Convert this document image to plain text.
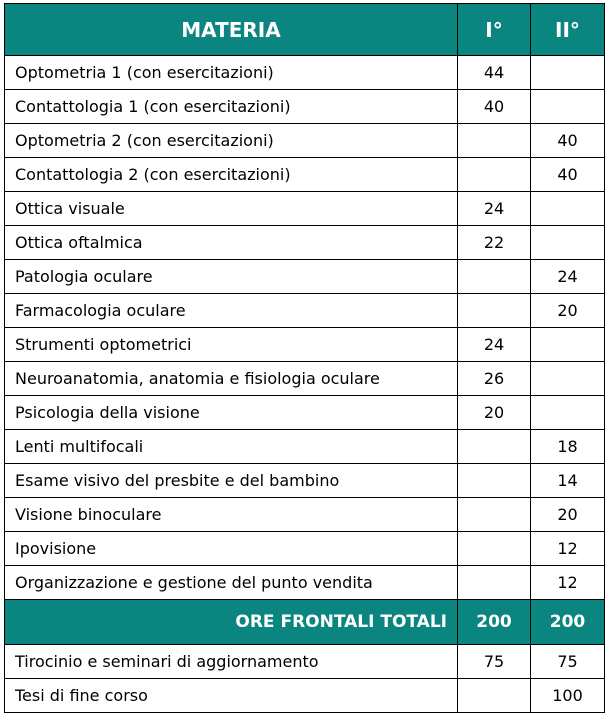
MATERIA	I°	II°
Optometria 1 (con esercitazioni)	44	
Contattologia 1 (con esercitazioni)	40	
Optometria 2 (con esercitazioni)		40
Contattologia 2 (con esercitazioni)		40
Ottica visuale	24	
Ottica oftalmica	22	
Patologia oculare		24
Farmacologia oculare		20
Strumenti optometrici	24	
Neuroanatomia, anatomia e fisiologia oculare	26	
Psicologia della visione	20	
Lenti multifocali		18
Esame visivo del presbite e del bambino		14
Visione binoculare		20
Ipovisione		12
Organizzazione e gestione del punto vendita		12
ORE FRONTALI TOTALI	200	200
Tirocinio e seminari di aggiornamento	75	75
Tesi di fine corso		100
